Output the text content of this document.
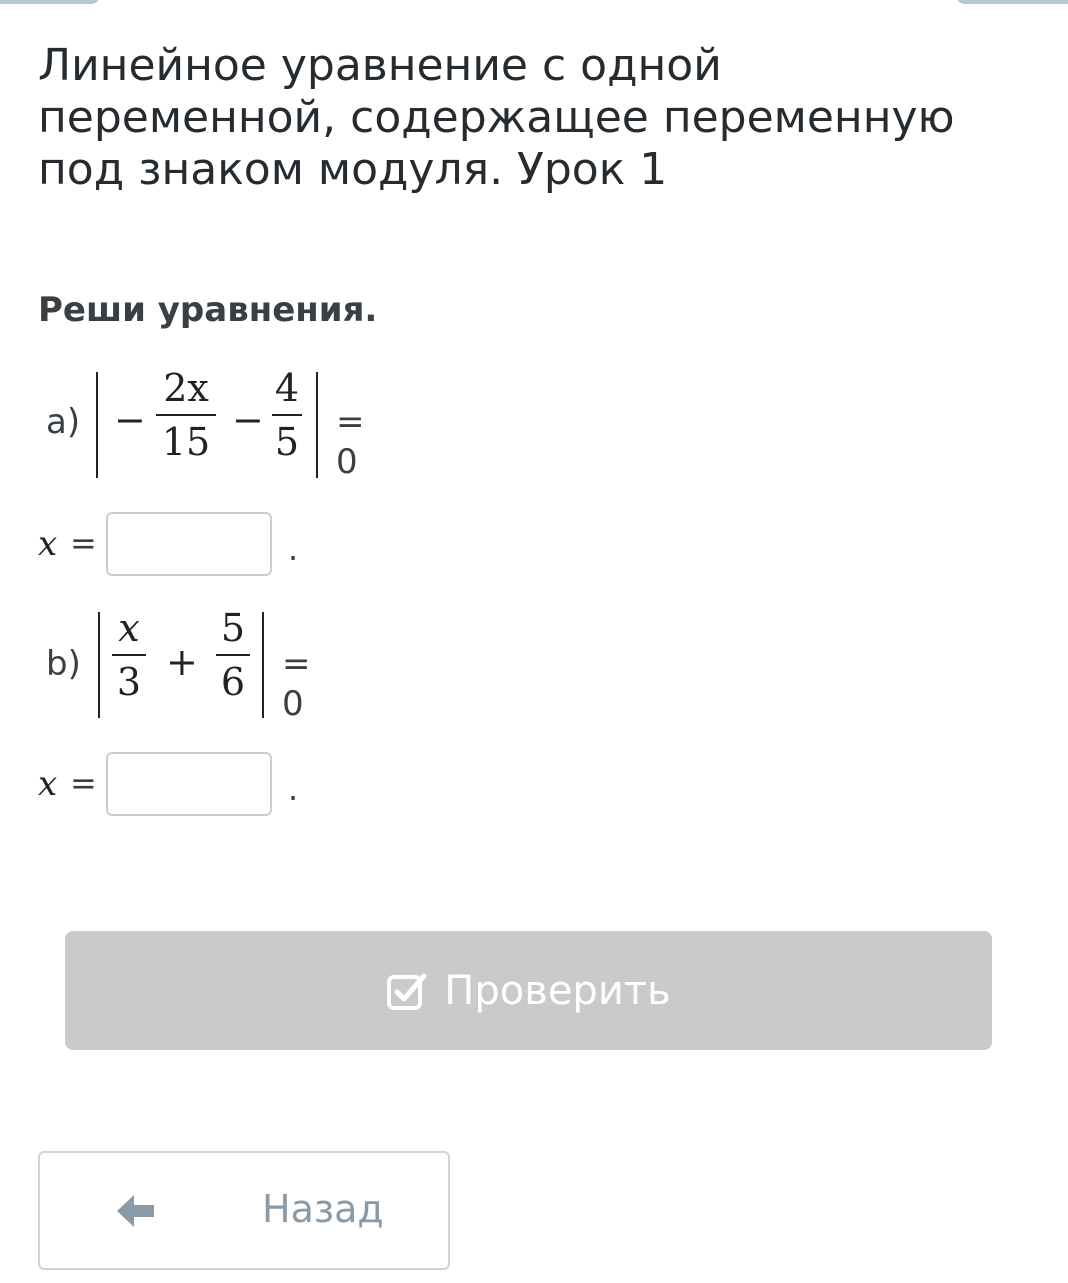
Линейное уравнение с одной переменной, содержащее переменную под знаком модуля. Урок 1
Реши уравнения.
a) −
2x
15 −
4
5 = 0
x =	.
b)
x
3 +
5
6 = 0
x =	.
Проверить
Назад
